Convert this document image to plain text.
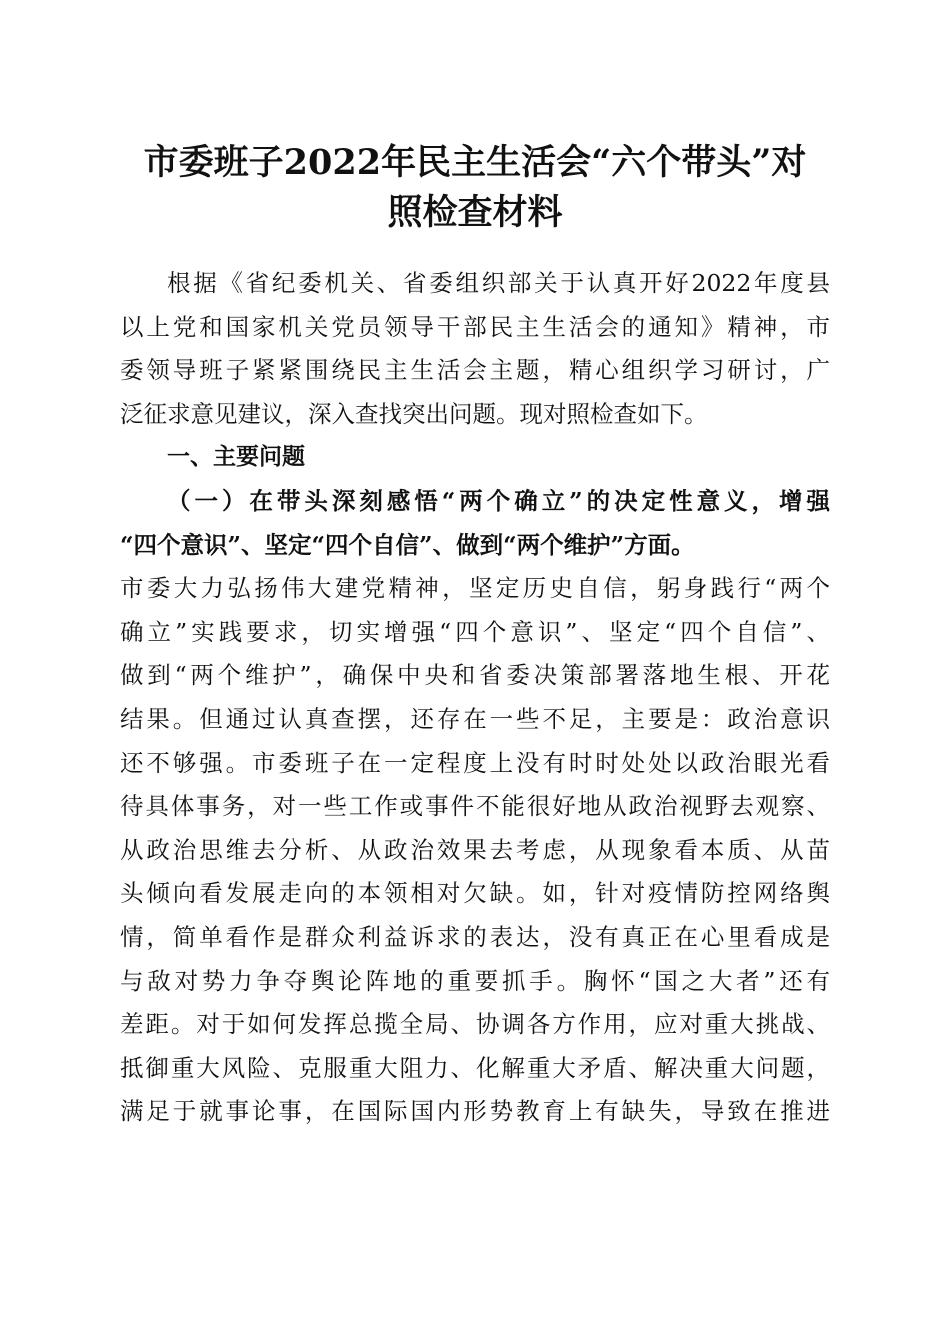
市委班子2022年民主生活会“六个带头”对
照检查材料
根据《省纪委机关、省委组织部关于认真开好2022年度县
以上党和国家机关党员领导干部民主生活会的通知》精神，市
委领导班子紧紧围绕民主生活会主题，精心组织学习研讨，广
泛征求意见建议，深入查找突出问题。现对照检查如下。
一、主要问题
（一）在带头深刻感悟“两个确立”的决定性意义，增强
“四个意识”、坚定“四个自信”、做到“两个维护”方面。
市委大力弘扬伟大建党精神，坚定历史自信，躬身践行“两个
确立”实践要求，切实增强“四个意识”、坚定“四个自信”、
做到“两个维护”，确保中央和省委决策部署落地生根、开花
结果。但通过认真查摆，还存在一些不足，主要是：政治意识
还不够强。市委班子在一定程度上没有时时处处以政治眼光看
待具体事务，对一些工作或事件不能很好地从政治视野去观察、
从政治思维去分析、从政治效果去考虑，从现象看本质、从苗
头倾向看发展走向的本领相对欠缺。如，针对疫情防控网络舆
情，简单看作是群众利益诉求的表达，没有真正在心里看成是
与敌对势力争夺舆论阵地的重要抓手。胸怀“国之大者”还有
差距。对于如何发挥总揽全局、协调各方作用，应对重大挑战、
抵御重大风险、克服重大阻力、化解重大矛盾、解决重大问题，
满足于就事论事，在国际国内形势教育上有缺失，导致在推进
